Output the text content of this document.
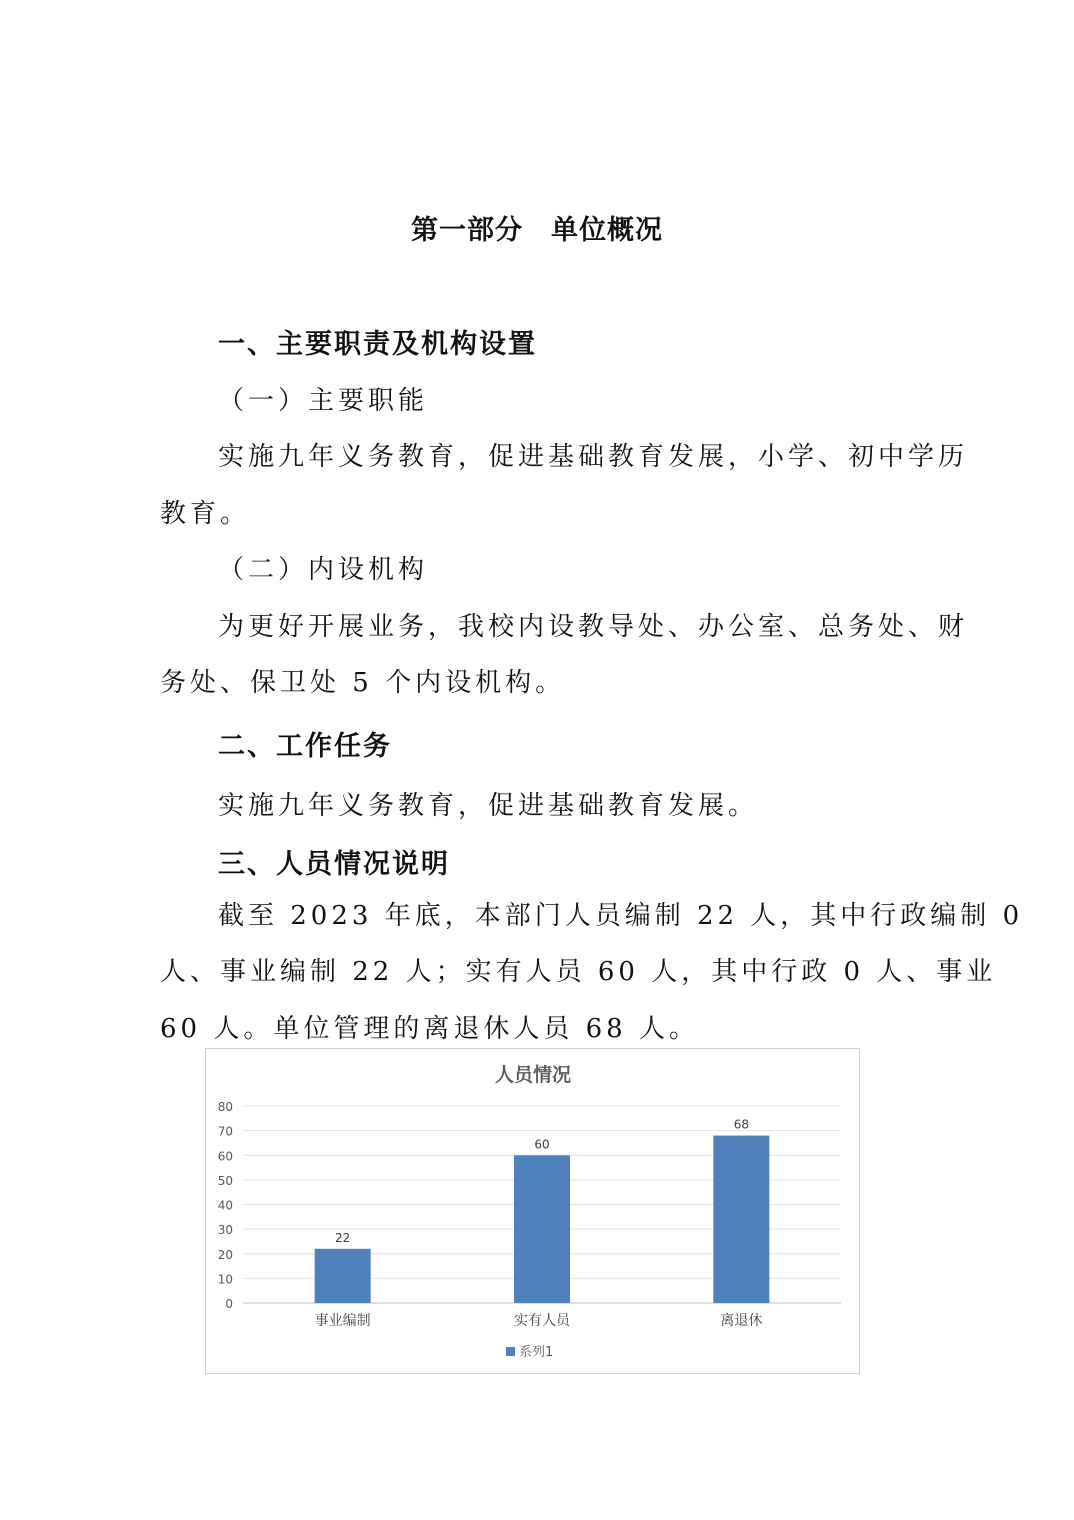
第一部分　单位概况
一、主要职责及机构设置
（一）主要职能
实施九年义务教育，促进基础教育发展，小学、初中学历
教育。
（二）内设机构
为更好开展业务，我校内设教导处、办公室、总务处、财
务处、保卫处 5 个内设机构。
二、工作任务
实施九年义务教育，促进基础教育发展。
三、人员情况说明
截至 2023 年底，本部门人员编制 22 人，其中行政编制 0
人、事业编制 22 人；实有人员 60 人，其中行政 0 人、事业
60 人。单位管理的离退休人员 68 人。
人员情况
0
10
20
30
40
50
60
70
80
22
事业编制
60
实有人员
68
离退休
系列1
